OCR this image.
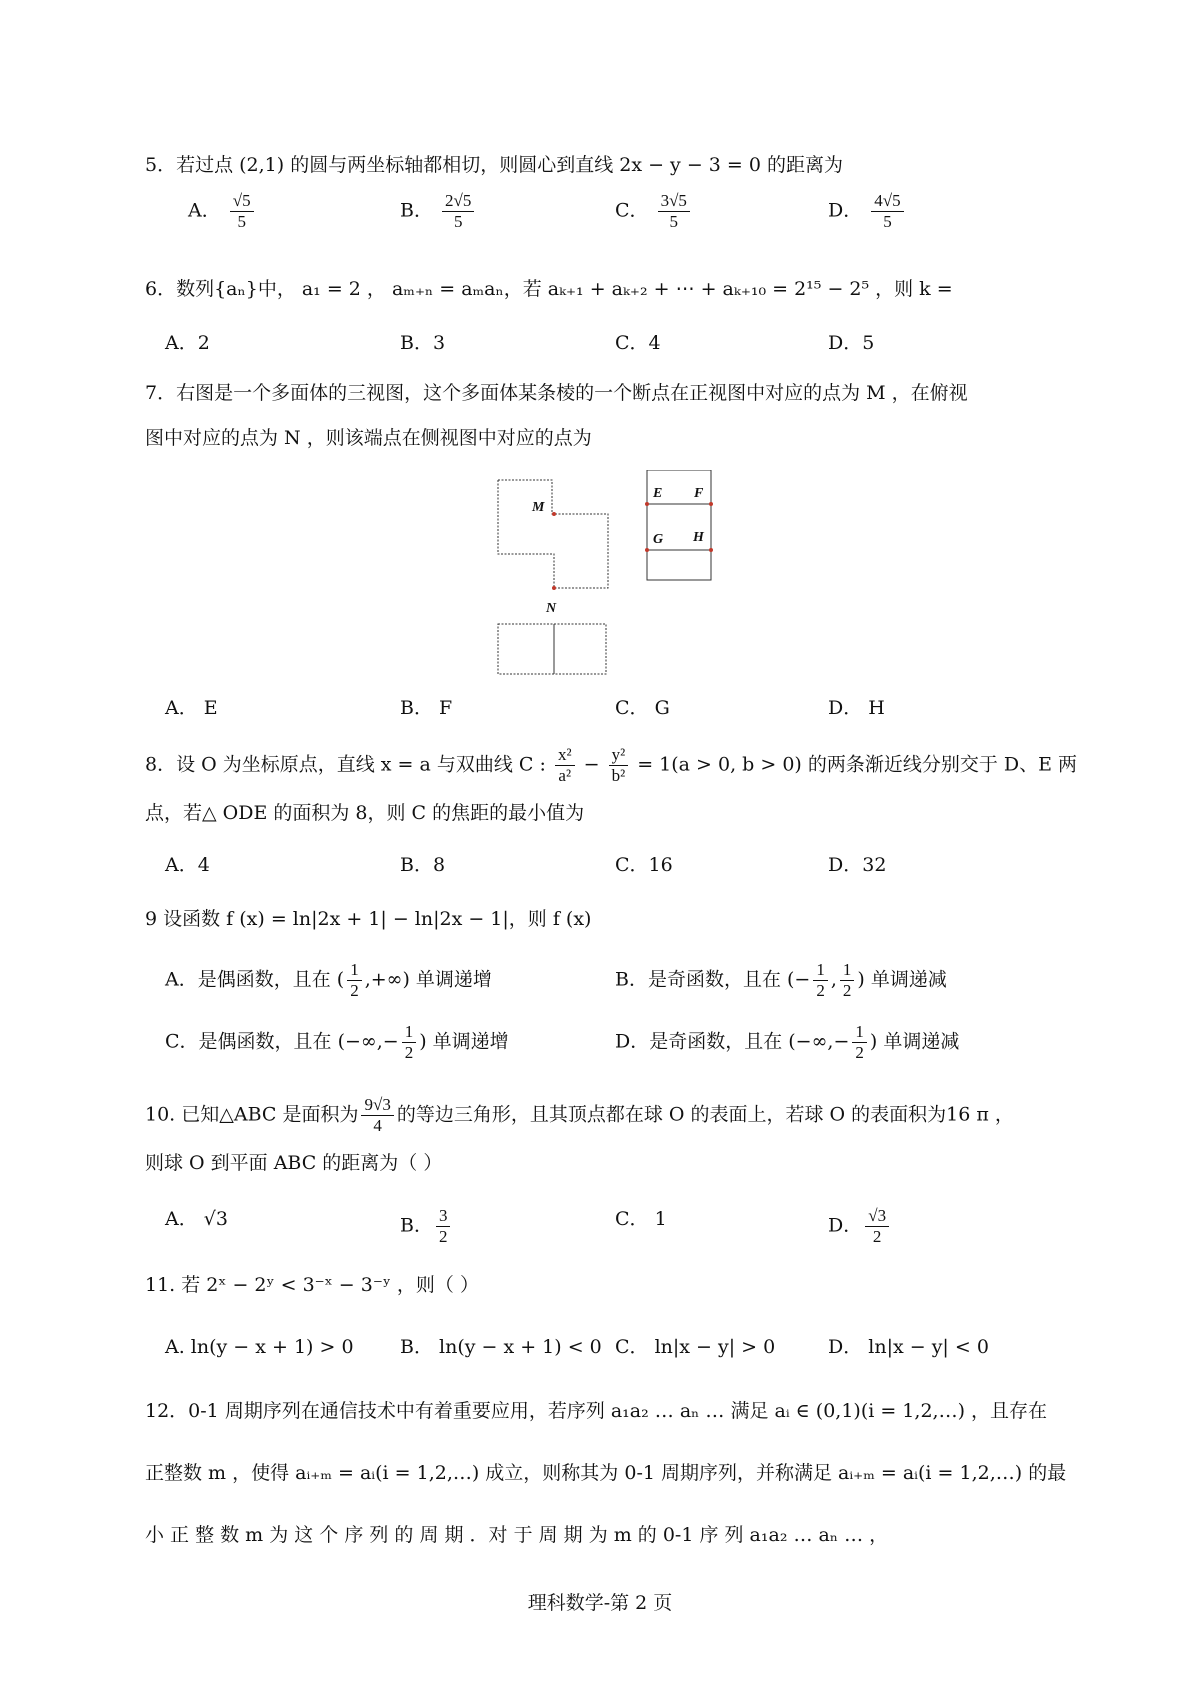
5．若过点 (2,1) 的圆与两坐标轴都相切，则圆心到直线 2x − y − 3 = 0 的距离为
A． $\frac{√5}{5}$	B． $\frac{2√5}{5}$	C． $\frac{3√5}{5}$	D． $\frac{4√5}{5}$
6．数列{aₙ}中， a₁ = 2 ， aₘ₊ₙ = aₘaₙ，若 aₖ₊₁ + aₖ₊₂ + ⋯ + aₖ₊₁₀ = 2¹⁵ − 2⁵ ，则 k =
A．2	B．3	C．4	D．5
7．右图是一个多面体的三视图，这个多面体某条棱的一个断点在正视图中对应的点为 M ，在俯视
图中对应的点为 N ，则该端点在侧视图中对应的点为
M
N
E F
G H
A． E	B． F	C． G	D． H
8．设 O 为坐标原点，直线 x = a 与双曲线 C : $\frac{\text{x²}}{\text{a²}} - \frac{\text{y²}}{\text{b²}} = 1(a > 0$, b > 0) 的两条渐近线分别交于 D、E 两
点，若△ ODE 的面积为 8，则 C 的焦距的最小值为
A．4	B．8	C．16	D．32
9 设函数 f (x) = ln|2x + 1| − ln|2x − 1|，则 f (x)
A．是偶函数，且在 ( $\frac{1}{2}$ ,+∞) 单调递增	B．是奇函数，且在 (− $\frac{1}{2}$ , $\frac{1}{2}$ ) 单调递减
C．是偶函数，且在 (−∞,− $\frac{1}{2}$ ) 单调递增	D．是奇函数，且在 (−∞,− $\frac{1}{2}$ ) 单调递减
10. 已知△ABC 是面积为 $\frac{9√3}{4}$ 的等边三角形，且其顶点都在球 O 的表面上，若球 O 的表面积为16 π ，
则球 O 到平面 ABC 的距离为（ ）
A． √3	B． $\frac{3}{2}$	C． 1	D． $\frac{√3}{2}$
11. 若 2ˣ − 2ʸ < 3⁻ˣ − 3⁻ʸ ，则（ ）
A. ln(y − x + 1) > 0 B． ln(y − x + 1) < 0 C． ln|x − y| > 0	D． ln|x − y| < 0
12．0-1 周期序列在通信技术中有着重要应用，若序列 a₁a₂ … aₙ … 满足 aᵢ ∈ (0,1)(i = 1,2,…) ，且存在
正整数 m ，使得 aᵢ₊ₘ = aᵢ(i = 1,2,…) 成立，则称其为 0-1 周期序列，并称满足 aᵢ₊ₘ = aᵢ(i = 1,2,…) 的最
小 正 整 数 m 为 这 个 序 列 的 周 期 ．对 于 周 期 为 m 的 0-1 序 列 a₁a₂ … aₙ … ，
理科数学-第 2 页
